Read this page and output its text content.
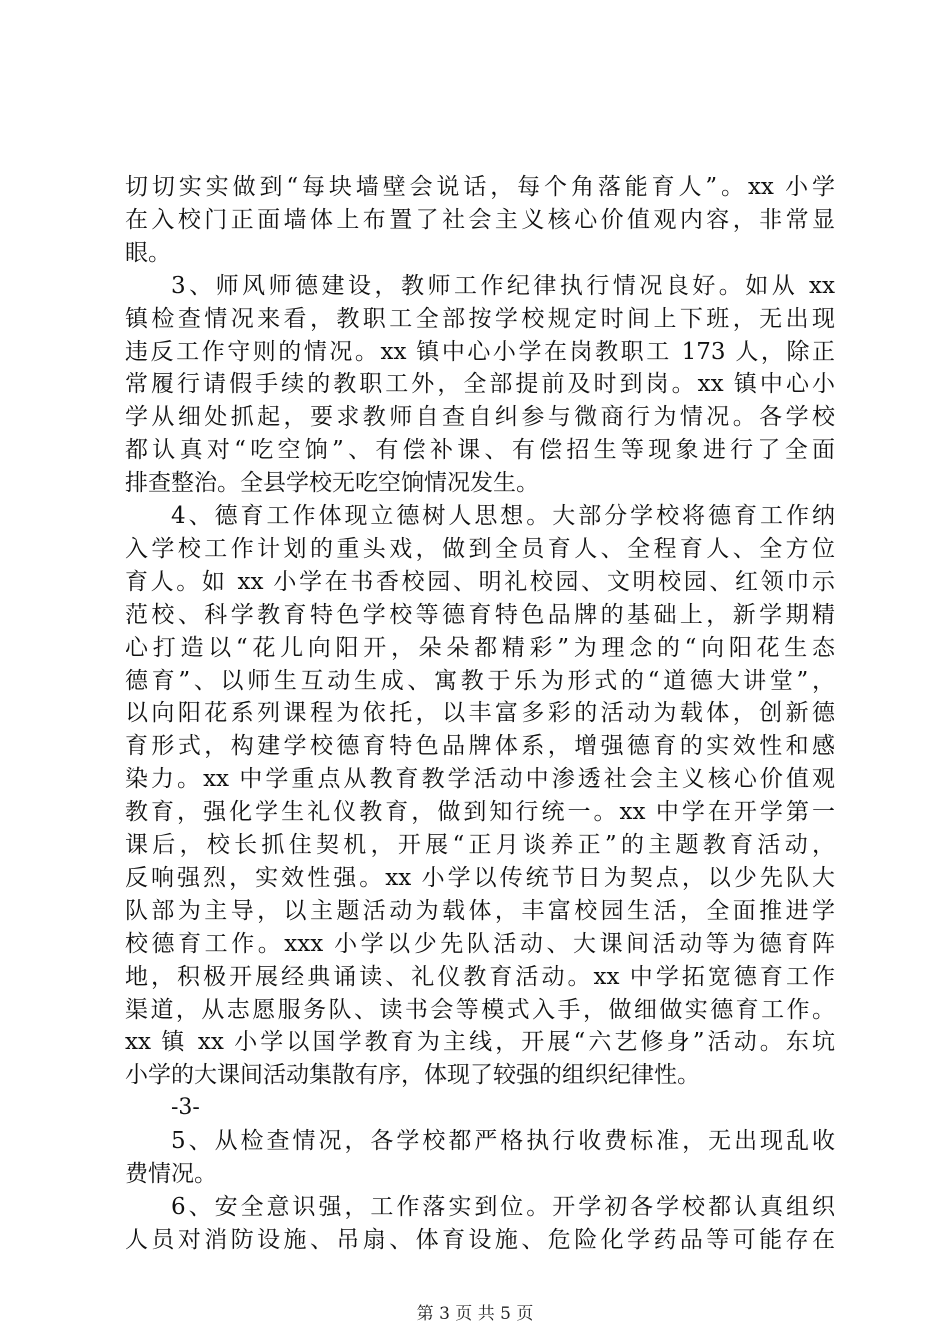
切切实实做到“每块墙壁会说话，每个角落能育人”。xx 小学
在入校门正面墙体上布置了社会主义核心价值观内容，非常显
眼。
3、师风师德建设，教师工作纪律执行情况良好。如从 xx
镇检查情况来看，教职工全部按学校规定时间上下班，无出现
违反工作守则的情况。xx 镇中心小学在岗教职工 173 人，除正
常履行请假手续的教职工外，全部提前及时到岗。xx 镇中心小
学从细处抓起，要求教师自查自纠参与微商行为情况。各学校
都认真对“吃空饷”、有偿补课、有偿招生等现象进行了全面
排查整治。全县学校无吃空饷情况发生。
4、德育工作体现立德树人思想。大部分学校将德育工作纳
入学校工作计划的重头戏，做到全员育人、全程育人、全方位
育人。如 xx 小学在书香校园、明礼校园、文明校园、红领巾示
范校、科学教育特色学校等德育特色品牌的基础上，新学期精
心打造以“花儿向阳开，朵朵都精彩”为理念的“向阳花生态
德育”、以师生互动生成、寓教于乐为形式的“道德大讲堂”，
以向阳花系列课程为依托，以丰富多彩的活动为载体，创新德
育形式，构建学校德育特色品牌体系，增强德育的实效性和感
染力。xx 中学重点从教育教学活动中渗透社会主义核心价值观
教育，强化学生礼仪教育，做到知行统一。xx 中学在开学第一
课后，校长抓住契机，开展“正月谈养正”的主题教育活动，
反响强烈，实效性强。xx 小学以传统节日为契点，以少先队大
队部为主导，以主题活动为载体，丰富校园生活，全面推进学
校德育工作。xxx 小学以少先队活动、大课间活动等为德育阵
地，积极开展经典诵读、礼仪教育活动。xx 中学拓宽德育工作
渠道，从志愿服务队、读书会等模式入手，做细做实德育工作。
xx 镇 xx 小学以国学教育为主线，开展“六艺修身”活动。东坑
小学的大课间活动集散有序，体现了较强的组织纪律性。
-3-
5、从检查情况，各学校都严格执行收费标准，无出现乱收
费情况。
6、安全意识强，工作落实到位。开学初各学校都认真组织
人员对消防设施、吊扇、体育设施、危险化学药品等可能存在
第 3 页 共 5 页
